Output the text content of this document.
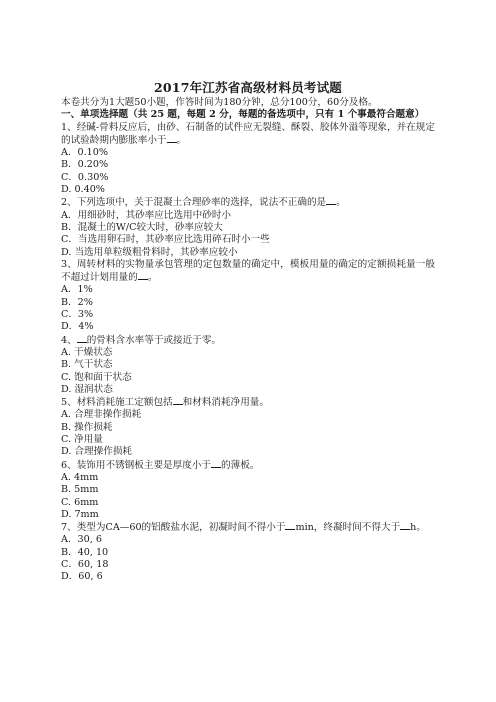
2017年江苏省高级材料员考试题
本卷共分为1大题50小题，作答时间为180分钟，总分100分，60分及格。
一、单项选择题（共 25 题，每题 2 分，每题的备选项中，只有 1 个事最符合题意）
1、经碱-骨料反应后，由砂、石制备的试件应无裂缝、酥裂、胶体外溢等现象，并在规定的试验龄期内膨胀率小于 。
A．0.10%
B．0.20%
C．0.30%
D. 0.40%
2、下列选项中，关于混凝土合理砂率的选择，说法不正确的是 。
A．用细砂时，其砂率应比选用中砂时小
B．混凝土的W/C较大时，砂率应较大
C．当选用卵石时，其砂率应比选用碎石时小一些
D. 当选用单粒级粗骨料时，其砂率应较小
3、周转材料的实物量承包管理的定包数量的确定中，模板用量的确定的定额损耗量一般不超过计划用量的 。
A．1%
B．2%
C．3%
D．4%
4、 的骨料含水率等于或接近于零。
A. 干燥状态
B. 气干状态
C. 饱和面干状态
D. 湿润状态
5、材料消耗施工定额包括 和材料消耗净用量。
A. 合理非操作损耗
B. 操作损耗
C. 净用量
D. 合理操作损耗
6、装饰用不锈钢板主要是厚度小于 的薄板。
A. 4mm
B. 5mm
C. 6mm
D. 7mm
7、类型为CA—60的铝酸盐水泥，初凝时间不得小于 min，终凝时间不得大于 h。
A．30, 6
B．40, 10
C．60, 18
D．60, 6
